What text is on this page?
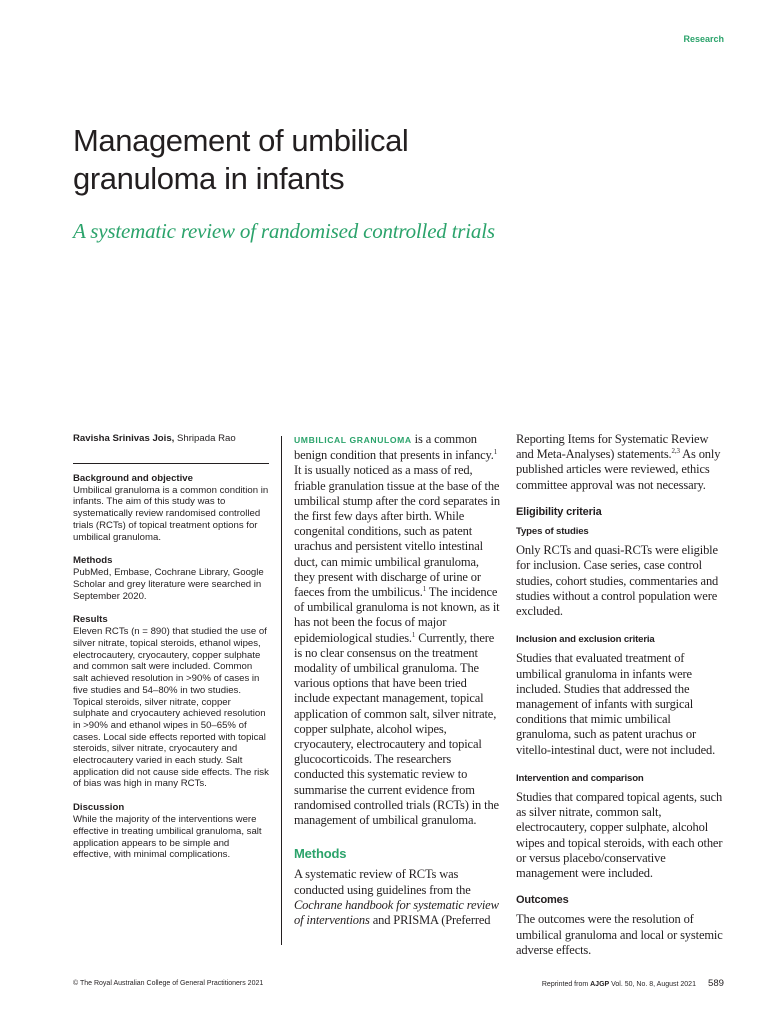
Research
Management of umbilical
granuloma in infants
A systematic review of randomised controlled trials
Ravisha Srinivas Jois, Shripada Rao
Background and objective
Umbilical granuloma is a common condition in infants. The aim of this study was to systematically review randomised controlled trials (RCTs) of topical treatment options for umbilical granuloma.
Methods
PubMed, Embase, Cochrane Library, Google Scholar and grey literature were searched in September 2020.
Results
Eleven RCTs (n = 890) that studied the use of silver nitrate, topical steroids, ethanol wipes, electrocautery, cryocautery, copper sulphate and common salt were included. Common salt achieved resolution in >90% of cases in five studies and 54–80% in two studies. Topical steroids, silver nitrate, copper sulphate and cryocautery achieved resolution in >90% and ethanol wipes in 50–65% of cases. Local side effects reported with topical steroids, silver nitrate, cryocautery and electrocautery varied in each study. Salt application did not cause side effects. The risk of bias was high in many RCTs.
Discussion
While the majority of the interventions were effective in treating umbilical granuloma, salt application appears to be simple and effective, with minimal complications.

UMBILICAL GRANULOMA is a common benign condition that presents in infancy.$^1$ It is usually noticed as a mass of red, friable granulation tissue at the base of the umbilical stump after the cord separates in the first few days after birth. While congenital conditions, such as patent urachus and persistent vitello intestinal duct, can mimic umbilical granuloma, they present with discharge of urine or faeces from the umbilicus.$^1$ The incidence of umbilical granuloma is not known, as it has not been the focus of major epidemiological studies.$^1$ Currently, there is no clear consensus on the treatment modality of umbilical granuloma. The various options that have been tried include expectant management, topical application of common salt, silver nitrate, copper sulphate, alcohol wipes, cryocautery, electrocautery and topical glucocorticoids. The researchers conducted this systematic review to summarise the current evidence from randomised controlled trials (RCTs) in the management of umbilical granuloma.

Methods

A systematic review of RCTs was conducted using guidelines from the Cochrane handbook for systematic review of interventions and PRISMA (Preferred

Reporting Items for Systematic Review and Meta-Analyses) statements.$^{2,3}$ As only published articles were reviewed, ethics committee approval was not necessary.

Eligibility criteria
Types of studies

Only RCTs and quasi-RCTs were eligible for inclusion. Case series, case control studies, cohort studies, commentaries and studies without a control population were excluded.

Inclusion and exclusion criteria

Studies that evaluated treatment of umbilical granuloma in infants were included. Studies that addressed the management of infants with surgical conditions that mimic umbilical granuloma, such as patent urachus or vitello-intestinal duct, were not included.

Intervention and comparison

Studies that compared topical agents, such as silver nitrate, common salt, electrocautery, copper sulphate, alcohol wipes and topical steroids, with each other or versus placebo/conservative management were included.

Outcomes

The outcomes were the resolution of umbilical granuloma and local or systemic adverse effects.

© The Royal Australian College of General Practitioners 2021	Reprinted from AJGP Vol. 50, No. 8, August 2021 589
